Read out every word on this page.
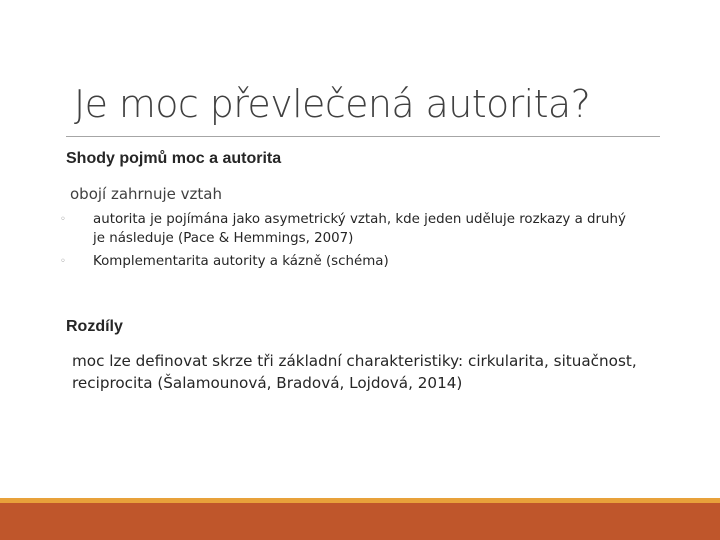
Je moc převlečená autorita?
Shody pojmů moc a autorita
obojí zahrnuje vztah
◦ autorita je pojímána jako asymetrický vztah, kde jeden uděluje rozkazy a druhý je následuje (Pace & Hemmings, 2007)
◦ Komplementarita autority a kázně (schéma)
Rozdíly
moc lze definovat skrze tři základní charakteristiky: cirkularita, situačnost, reciprocita (Šalamounová, Bradová, Lojdová, 2014)
